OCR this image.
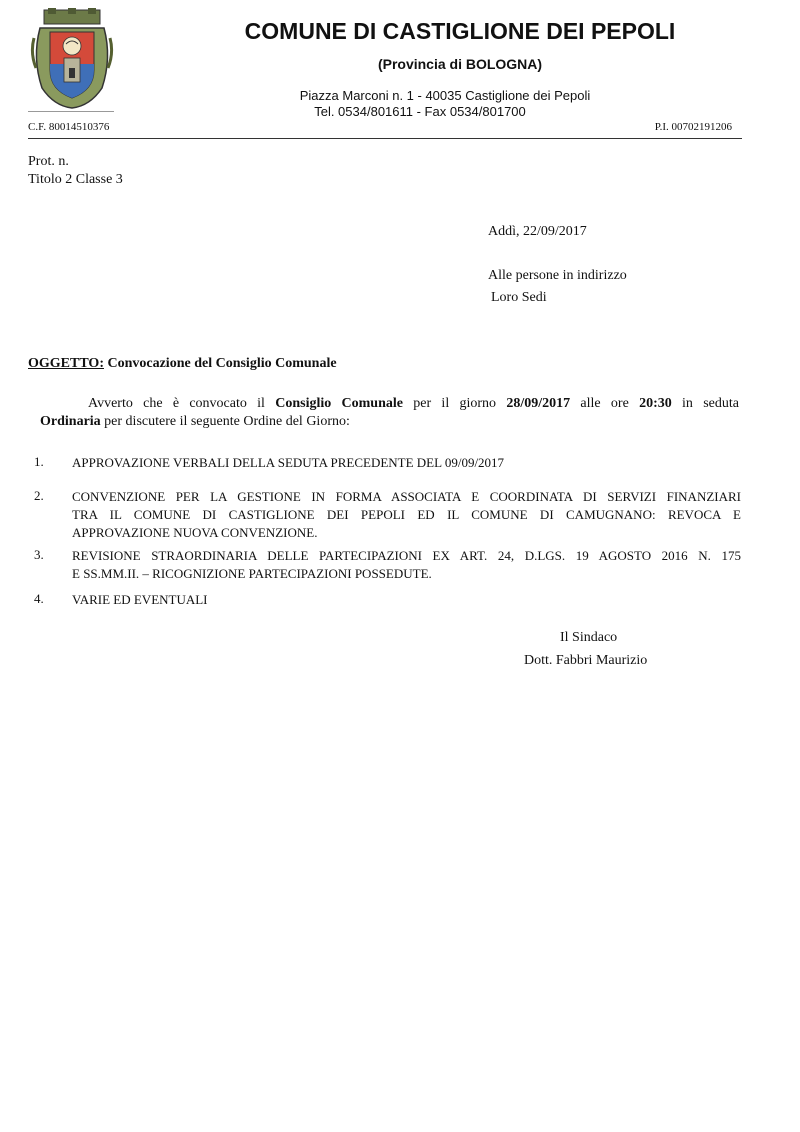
COMUNE DI CASTIGLIONE DEI PEPOLI
(Provincia di BOLOGNA)
Piazza Marconi n. 1 - 40035 Castiglione dei Pepoli
Tel. 0534/801611 - Fax 0534/801700
C.F. 80014510376	P.I. 00702191206
Prot. n.
Titolo 2 Classe 3
Addì, 22/09/2017
Alle persone in indirizzo
Loro Sedi
OGGETTO: Convocazione del Consiglio Comunale
Avverto che è convocato il Consiglio Comunale per il giorno 28/09/2017 alle ore 20:30 in seduta
Ordinaria per discutere il seguente Ordine del Giorno:
1.	APPROVAZIONE VERBALI DELLA SEDUTA PRECEDENTE DEL 09/09/2017
2.	CONVENZIONE PER LA GESTIONE IN FORMA ASSOCIATA E COORDINATA DI SERVIZI FINANZIARI
TRA IL COMUNE DI CASTIGLIONE DEI PEPOLI ED IL COMUNE DI CAMUGNANO: REVOCA E
APPROVAZIONE NUOVA CONVENZIONE.
3.	REVISIONE STRAORDINARIA DELLE PARTECIPAZIONI EX ART. 24, D.LGS. 19 AGOSTO 2016 N. 175
E SS.MM.II. – RICOGNIZIONE PARTECIPAZIONI POSSEDUTE.
4.	VARIE ED EVENTUALI
Il Sindaco
Dott. Fabbri Maurizio
